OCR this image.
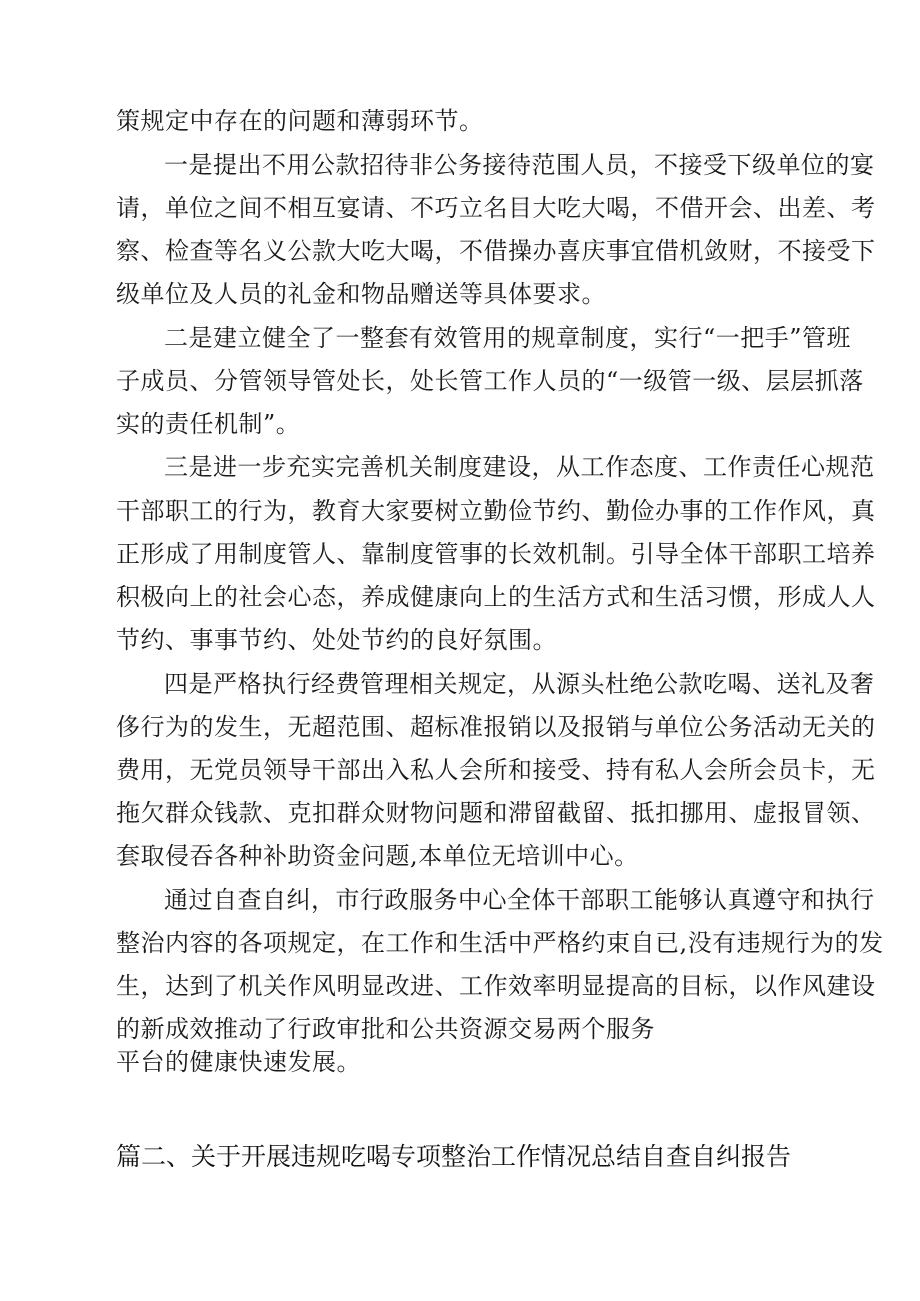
策规定中存在的问题和薄弱环节。
一是提出不用公款招待非公务接待范围人员，不接受下级单位的宴
请，单位之间不相互宴请、不巧立名目大吃大喝，不借开会、出差、考
察、检查等名义公款大吃大喝，不借操办喜庆事宜借机敛财，不接受下
级单位及人员的礼金和物品赠送等具体要求。
二是建立健全了一整套有效管用的规章制度，实行“一把手”管班
子成员、分管领导管处长，处长管工作人员的“一级管一级、层层抓落
实的责任机制”。
三是进一步充实完善机关制度建设，从工作态度、工作责任心规范
干部职工的行为，教育大家要树立勤俭节约、勤俭办事的工作作风，真
正形成了用制度管人、靠制度管事的长效机制。引导全体干部职工培养
积极向上的社会心态，养成健康向上的生活方式和生活习惯，形成人人
节约、事事节约、处处节约的良好氛围。
四是严格执行经费管理相关规定，从源头杜绝公款吃喝、送礼及奢
侈行为的发生，无超范围、超标准报销以及报销与单位公务活动无关的
费用，无党员领导干部出入私人会所和接受、持有私人会所会员卡，无
拖欠群众钱款、克扣群众财物问题和滞留截留、抵扣挪用、虚报冒领、
套取侵吞各种补助资金问题,本单位无培训中心。
通过自查自纠，市行政服务中心全体干部职工能够认真遵守和执行
整治内容的各项规定，在工作和生活中严格约束自已,没有违规行为的发
生，达到了机关作风明显改进、工作效率明显提高的目标，以作风建设
的新成效推动了行政审批和公共资源交易两个服务
平台的健康快速发展。
篇二、关于开展违规吃喝专项整治工作情况总结自查自纠报告
